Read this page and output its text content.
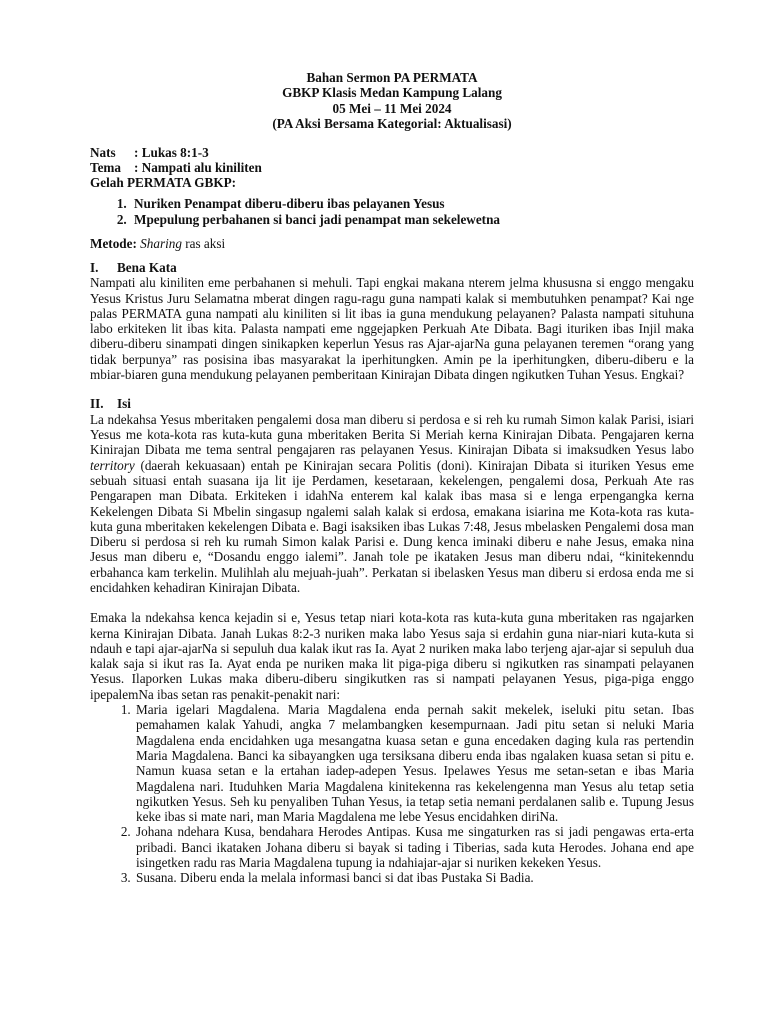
Bahan Sermon PA PERMATA
GBKP Klasis Medan Kampung Lalang
05 Mei – 11 Mei 2024
(PA Aksi Bersama Kategorial: Aktualisasi)
Nats : Lukas 8:1-3
Tema : Nampati alu kiniliten
Gelah PERMATA GBKP:
1. Nuriken Penampat diberu-diberu ibas pelayanen Yesus
2. Mpepulung perbahanen si banci jadi penampat man sekelewetna
Metode: Sharing ras aksi
I. Bena Kata

Nampati alu kiniliten eme perbahanen si mehuli. Tapi engkai makana nterem jelma khususna si enggo mengaku Yesus Kristus Juru Selamatna mberat dingen ragu-ragu guna nampati kalak si membutuhken penampat? Kai nge palas PERMATA guna nampati alu kiniliten si lit ibas ia guna mendukung pelayanen? Palasta nampati situhuna labo erkiteken lit ibas kita. Palasta nampati eme nggejapken Perkuah Ate Dibata. Bagi ituriken ibas Injil maka diberu-diberu sinampati dingen sinikapken keperlun Yesus ras Ajar-ajarNa guna pelayanen teremen “orang yang tidak berpunya” ras posisina ibas masyarakat la iperhitungken. Amin pe la iperhitungken, diberu-diberu e la mbiar-biaren guna mendukung pelayanen pemberitaan Kinirajan Dibata dingen ngikutken Tuhan Yesus. Engkai?

II. Isi

La ndekahsa Yesus mberitaken pengalemi dosa man diberu si perdosa e si reh ku rumah Simon kalak Parisi, isiari Yesus me kota-kota ras kuta-kuta guna mberitaken Berita Si Meriah kerna Kinirajan Dibata. Pengajaren kerna Kinirajan Dibata me tema sentral pengajaren ras pelayanen Yesus. Kinirajan Dibata si imaksudken Yesus labo territory (daerah kekuasaan) entah pe Kinirajan secara Politis (doni). Kinirajan Dibata si ituriken Yesus eme sebuah situasi entah suasana ija lit ije Perdamen, kesetaraan, kekelengen, pengalemi dosa, Perkuah Ate ras Pengarapen man Dibata. Erkiteken i idahNa enterem kal kalak ibas masa si e lenga erpengangka kerna Kekelengen Dibata Si Mbelin singasup ngalemi salah kalak si erdosa, emakana isiarina me Kota-kota ras kuta-kuta guna mberitaken kekelengen Dibata e. Bagi isaksiken ibas Lukas 7:48, Jesus mbelasken Pengalemi dosa man Diberu si perdosa si reh ku rumah Simon kalak Parisi e. Dung kenca iminaki diberu e nahe Jesus, emaka nina Jesus man diberu e, “Dosandu enggo ialemi”. Janah tole pe ikataken Jesus man diberu ndai, “kinitekenndu erbahanca kam terkelin. Mulihlah alu mejuah-juah”. Perkatan si ibelasken Yesus man diberu si erdosa enda me si encidahken kehadiran Kinirajan Dibata.

Emaka la ndekahsa kenca kejadin si e, Yesus tetap niari kota-kota ras kuta-kuta guna mberitaken ras ngajarken kerna Kinirajan Dibata. Janah Lukas 8:2-3 nuriken maka labo Yesus saja si erdahin guna niar-niari kuta-kuta si ndauh e tapi ajar-ajarNa si sepuluh dua kalak ikut ras Ia. Ayat 2 nuriken maka labo terjeng ajar-ajar si sepuluh dua kalak saja si ikut ras Ia. Ayat enda pe nuriken maka lit piga-piga diberu si ngikutken ras sinampati pelayanen Yesus. Ilaporken Lukas maka diberu-diberu singikutken ras si nampati pelayanen Yesus, piga-piga enggo ipepalemNa ibas setan ras penakit-penakit nari:

1. Maria igelari Magdalena. Maria Magdalena enda pernah sakit mekelek, iseluki pitu setan. Ibas pemahamen kalak Yahudi, angka 7 melambangken kesempurnaan. Jadi pitu setan si neluki Maria Magdalena enda encidahken uga mesangatna kuasa setan e guna encedaken daging kula ras pertendin Maria Magdalena. Banci ka sibayangken uga tersiksana diberu enda ibas ngalaken kuasa setan si pitu e. Namun kuasa setan e la ertahan iadep-adepen Yesus. Ipelawes Yesus me setan-setan e ibas Maria Magdalena nari. Ituduhken Maria Magdalena kinitekenna ras kekelengenna man Yesus alu tetap setia ngikutken Yesus. Seh ku penyaliben Tuhan Yesus, ia tetap setia nemani perdalanen salib e. Tupung Jesus keke ibas si mate nari, man Maria Magdalena me lebe Yesus encidahken diriNa.
2. Johana ndehara Kusa, bendahara Herodes Antipas. Kusa me singaturken ras si jadi pengawas erta-erta pribadi. Banci ikataken Johana diberu si bayak si tading i Tiberias, sada kuta Herodes. Johana end ape isingetken radu ras Maria Magdalena tupung ia ndahiajar-ajar si nuriken kekeken Yesus.
3. Susana. Diberu enda la melala informasi banci si dat ibas Pustaka Si Badia.
